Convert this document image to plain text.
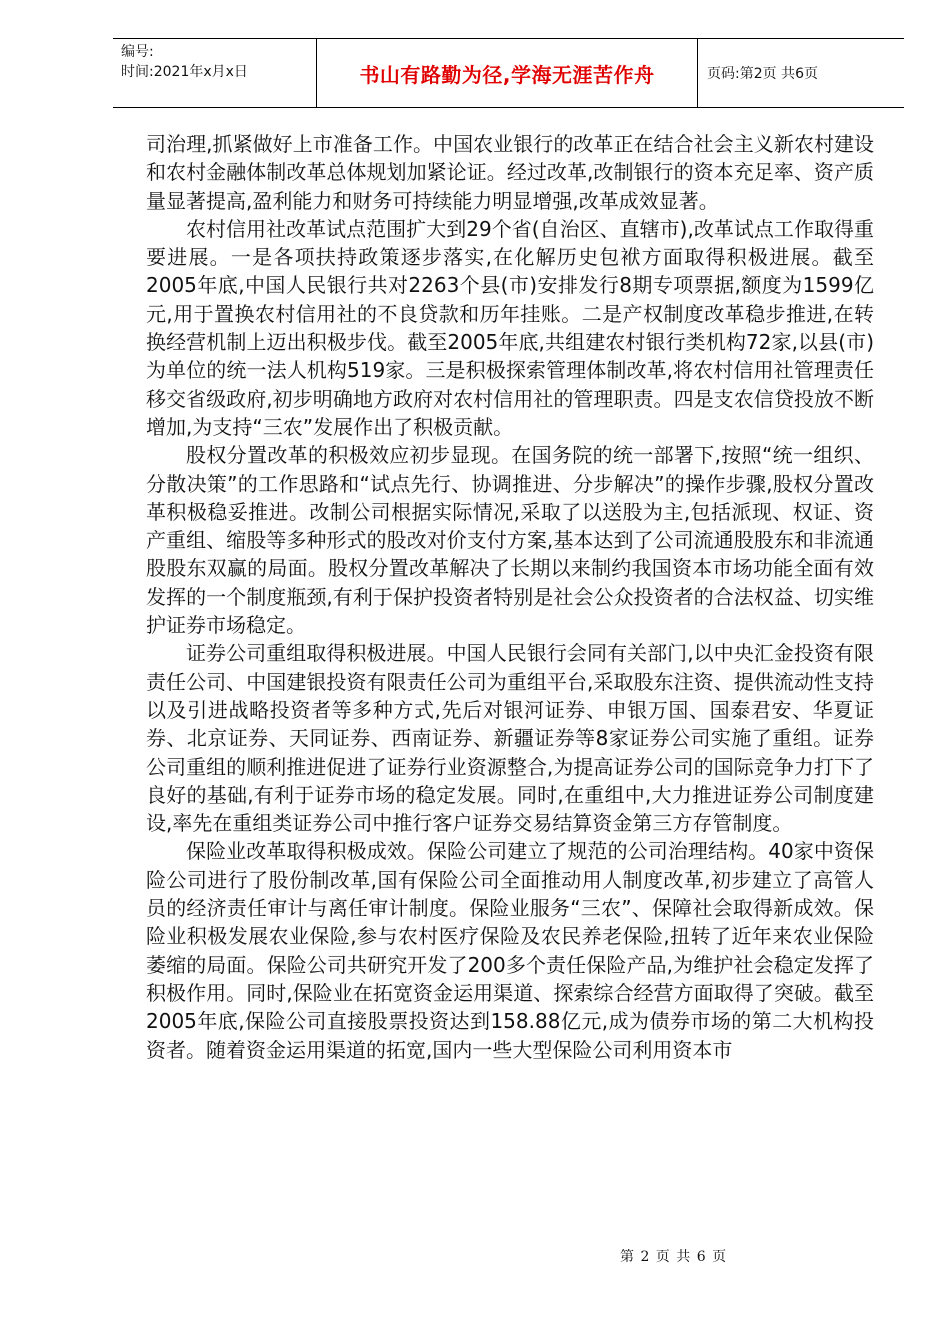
编号:
时间:2021年x月x日	书山有路勤为径,学海无涯苦作舟	页码:第2页 共6页

司治理,抓紧做好上市准备工作。中国农业银行的改革正在结合社会主义新农村建设和农村金融体制改革总体规划加紧论证。经过改革,改制银行的资本充足率、资产质量显著提高,盈利能力和财务可持续能力明显增强,改革成效显著。

农村信用社改革试点范围扩大到29个省(自治区、直辖市),改革试点工作取得重要进展。一是各项扶持政策逐步落实,在化解历史包袱方面取得积极进展。截至2005年底,中国人民银行共对2263个县(市)安排发行8期专项票据,额度为1599亿元,用于置换农村信用社的不良贷款和历年挂账。二是产权制度改革稳步推进,在转换经营机制上迈出积极步伐。截至2005年底,共组建农村银行类机构72家,以县(市)为单位的统一法人机构519家。三是积极探索管理体制改革,将农村信用社管理责任移交省级政府,初步明确地方政府对农村信用社的管理职责。四是支农信贷投放不断增加,为支持“三农”发展作出了积极贡献。

股权分置改革的积极效应初步显现。在国务院的统一部署下,按照“统一组织、分散决策”的工作思路和“试点先行、协调推进、分步解决”的操作步骤,股权分置改革积极稳妥推进。改制公司根据实际情况,采取了以送股为主,包括派现、权证、资产重组、缩股等多种形式的股改对价支付方案,基本达到了公司流通股股东和非流通股股东双赢的局面。股权分置改革解决了长期以来制约我国资本市场功能全面有效发挥的一个制度瓶颈,有利于保护投资者特别是社会公众投资者的合法权益、切实维护证券市场稳定。

证券公司重组取得积极进展。中国人民银行会同有关部门,以中央汇金投资有限责任公司、中国建银投资有限责任公司为重组平台,采取股东注资、提供流动性支持以及引进战略投资者等多种方式,先后对银河证券、申银万国、国泰君安、华夏证券、北京证券、天同证券、西南证券、新疆证券等8家证券公司实施了重组。证券公司重组的顺利推进促进了证券行业资源整合,为提高证券公司的国际竞争力打下了良好的基础,有利于证券市场的稳定发展。同时,在重组中,大力推进证券公司制度建设,率先在重组类证券公司中推行客户证券交易结算资金第三方存管制度。

保险业改革取得积极成效。保险公司建立了规范的公司治理结构。40家中资保险公司进行了股份制改革,国有保险公司全面推动用人制度改革,初步建立了高管人员的经济责任审计与离任审计制度。保险业服务“三农”、保障社会取得新成效。保险业积极发展农业保险,参与农村医疗保险及农民养老保险,扭转了近年来农业保险萎缩的局面。保险公司共研究开发了200多个责任保险产品,为维护社会稳定发挥了积极作用。同时,保险业在拓宽资金运用渠道、探索综合经营方面取得了突破。截至2005年底,保险公司直接股票投资达到158.88亿元,成为债券市场的第二大机构投资者。随着资金运用渠道的拓宽,国内一些大型保险公司利用资本市

第 2 页 共 6 页
